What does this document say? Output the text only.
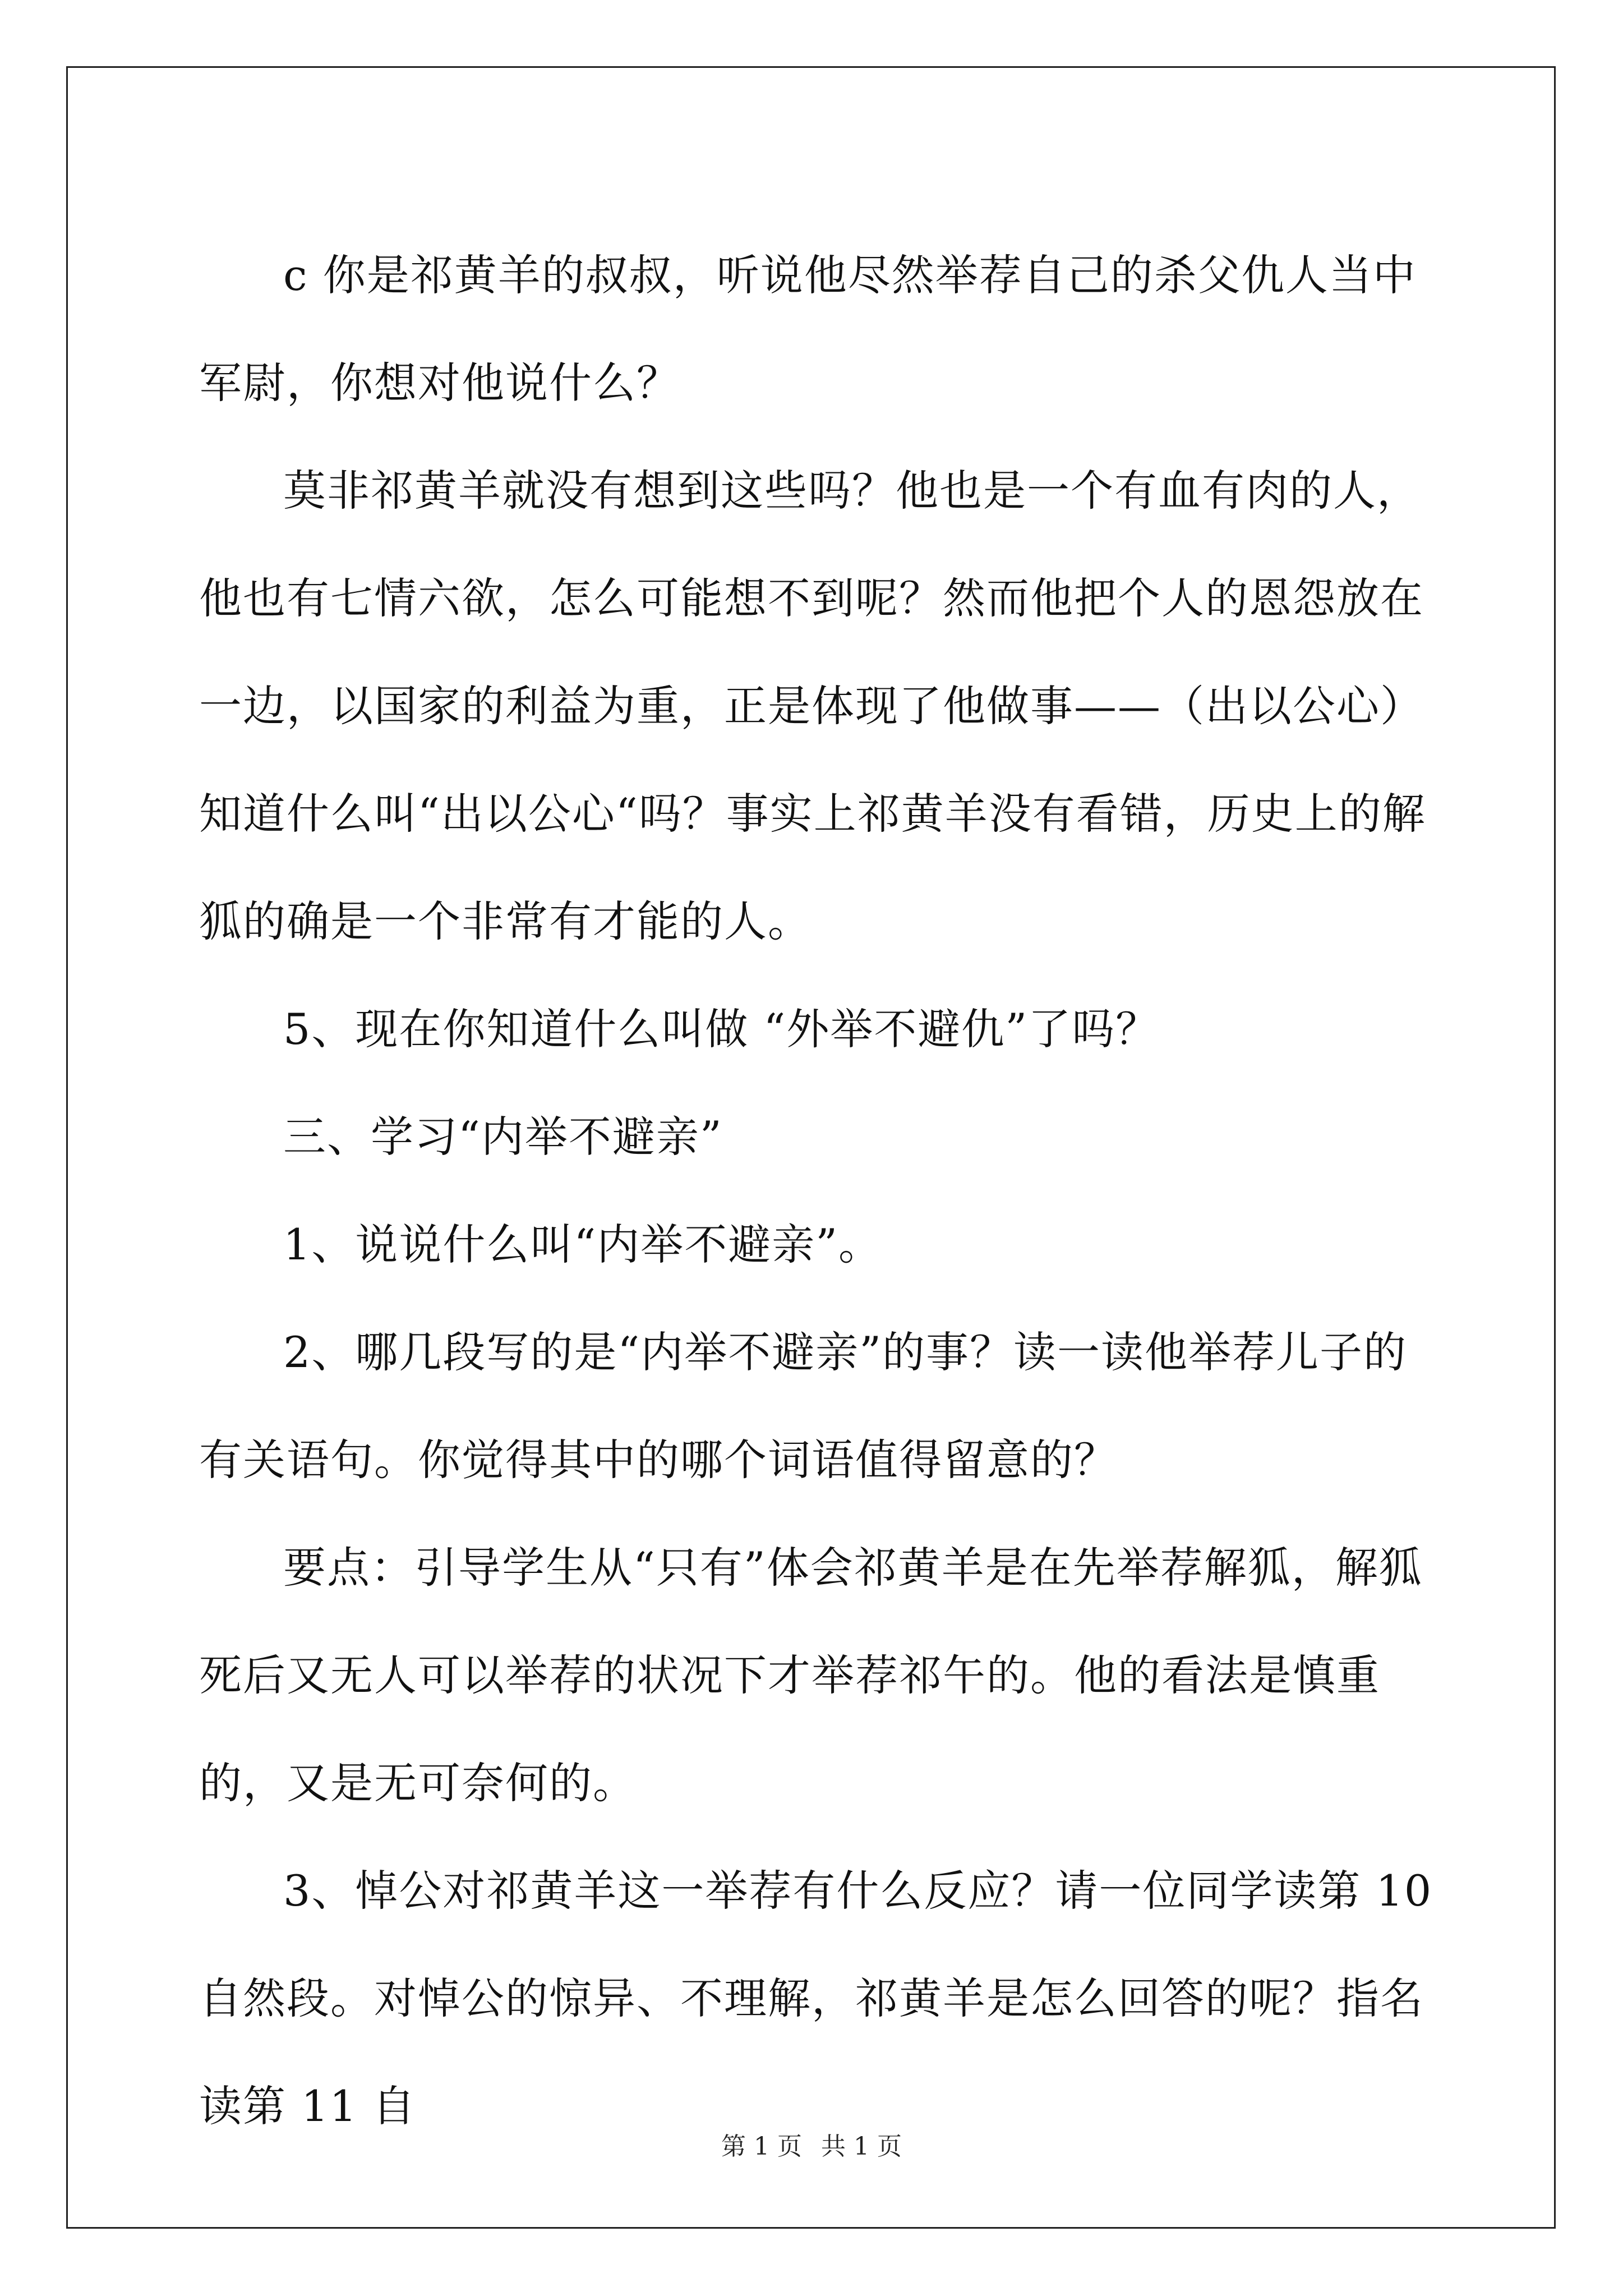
c 你是祁黄羊的叔叔，听说他尽然举荐自己的杀父仇人当中军尉，你想对他说什么？

莫非祁黄羊就没有想到这些吗？他也是一个有血有肉的人，他也有七情六欲，怎么可能想不到呢？然而他把个人的恩怨放在一边，以国家的利益为重，正是体现了他做事——（出以公心）知道什么叫“出以公心“吗？事实上祁黄羊没有看错，历史上的解狐的确是一个非常有才能的人。

5、现在你知道什么叫做 “外举不避仇”了吗？

三、学习“内举不避亲”

1、说说什么叫“内举不避亲”。

2、哪几段写的是“内举不避亲”的事？读一读他举荐儿子的有关语句。你觉得其中的哪个词语值得留意的？

要点：引导学生从“只有”体会祁黄羊是在先举荐解狐，解狐死后又无人可以举荐的状况下才举荐祁午的。他的看法是慎重的，又是无可奈何的。

3、悼公对祁黄羊这一举荐有什么反应？请一位同学读第 10 自然段。对悼公的惊异、不理解，祁黄羊是怎么回答的呢？指名读第 11 自

第 1 页 共 1 页
